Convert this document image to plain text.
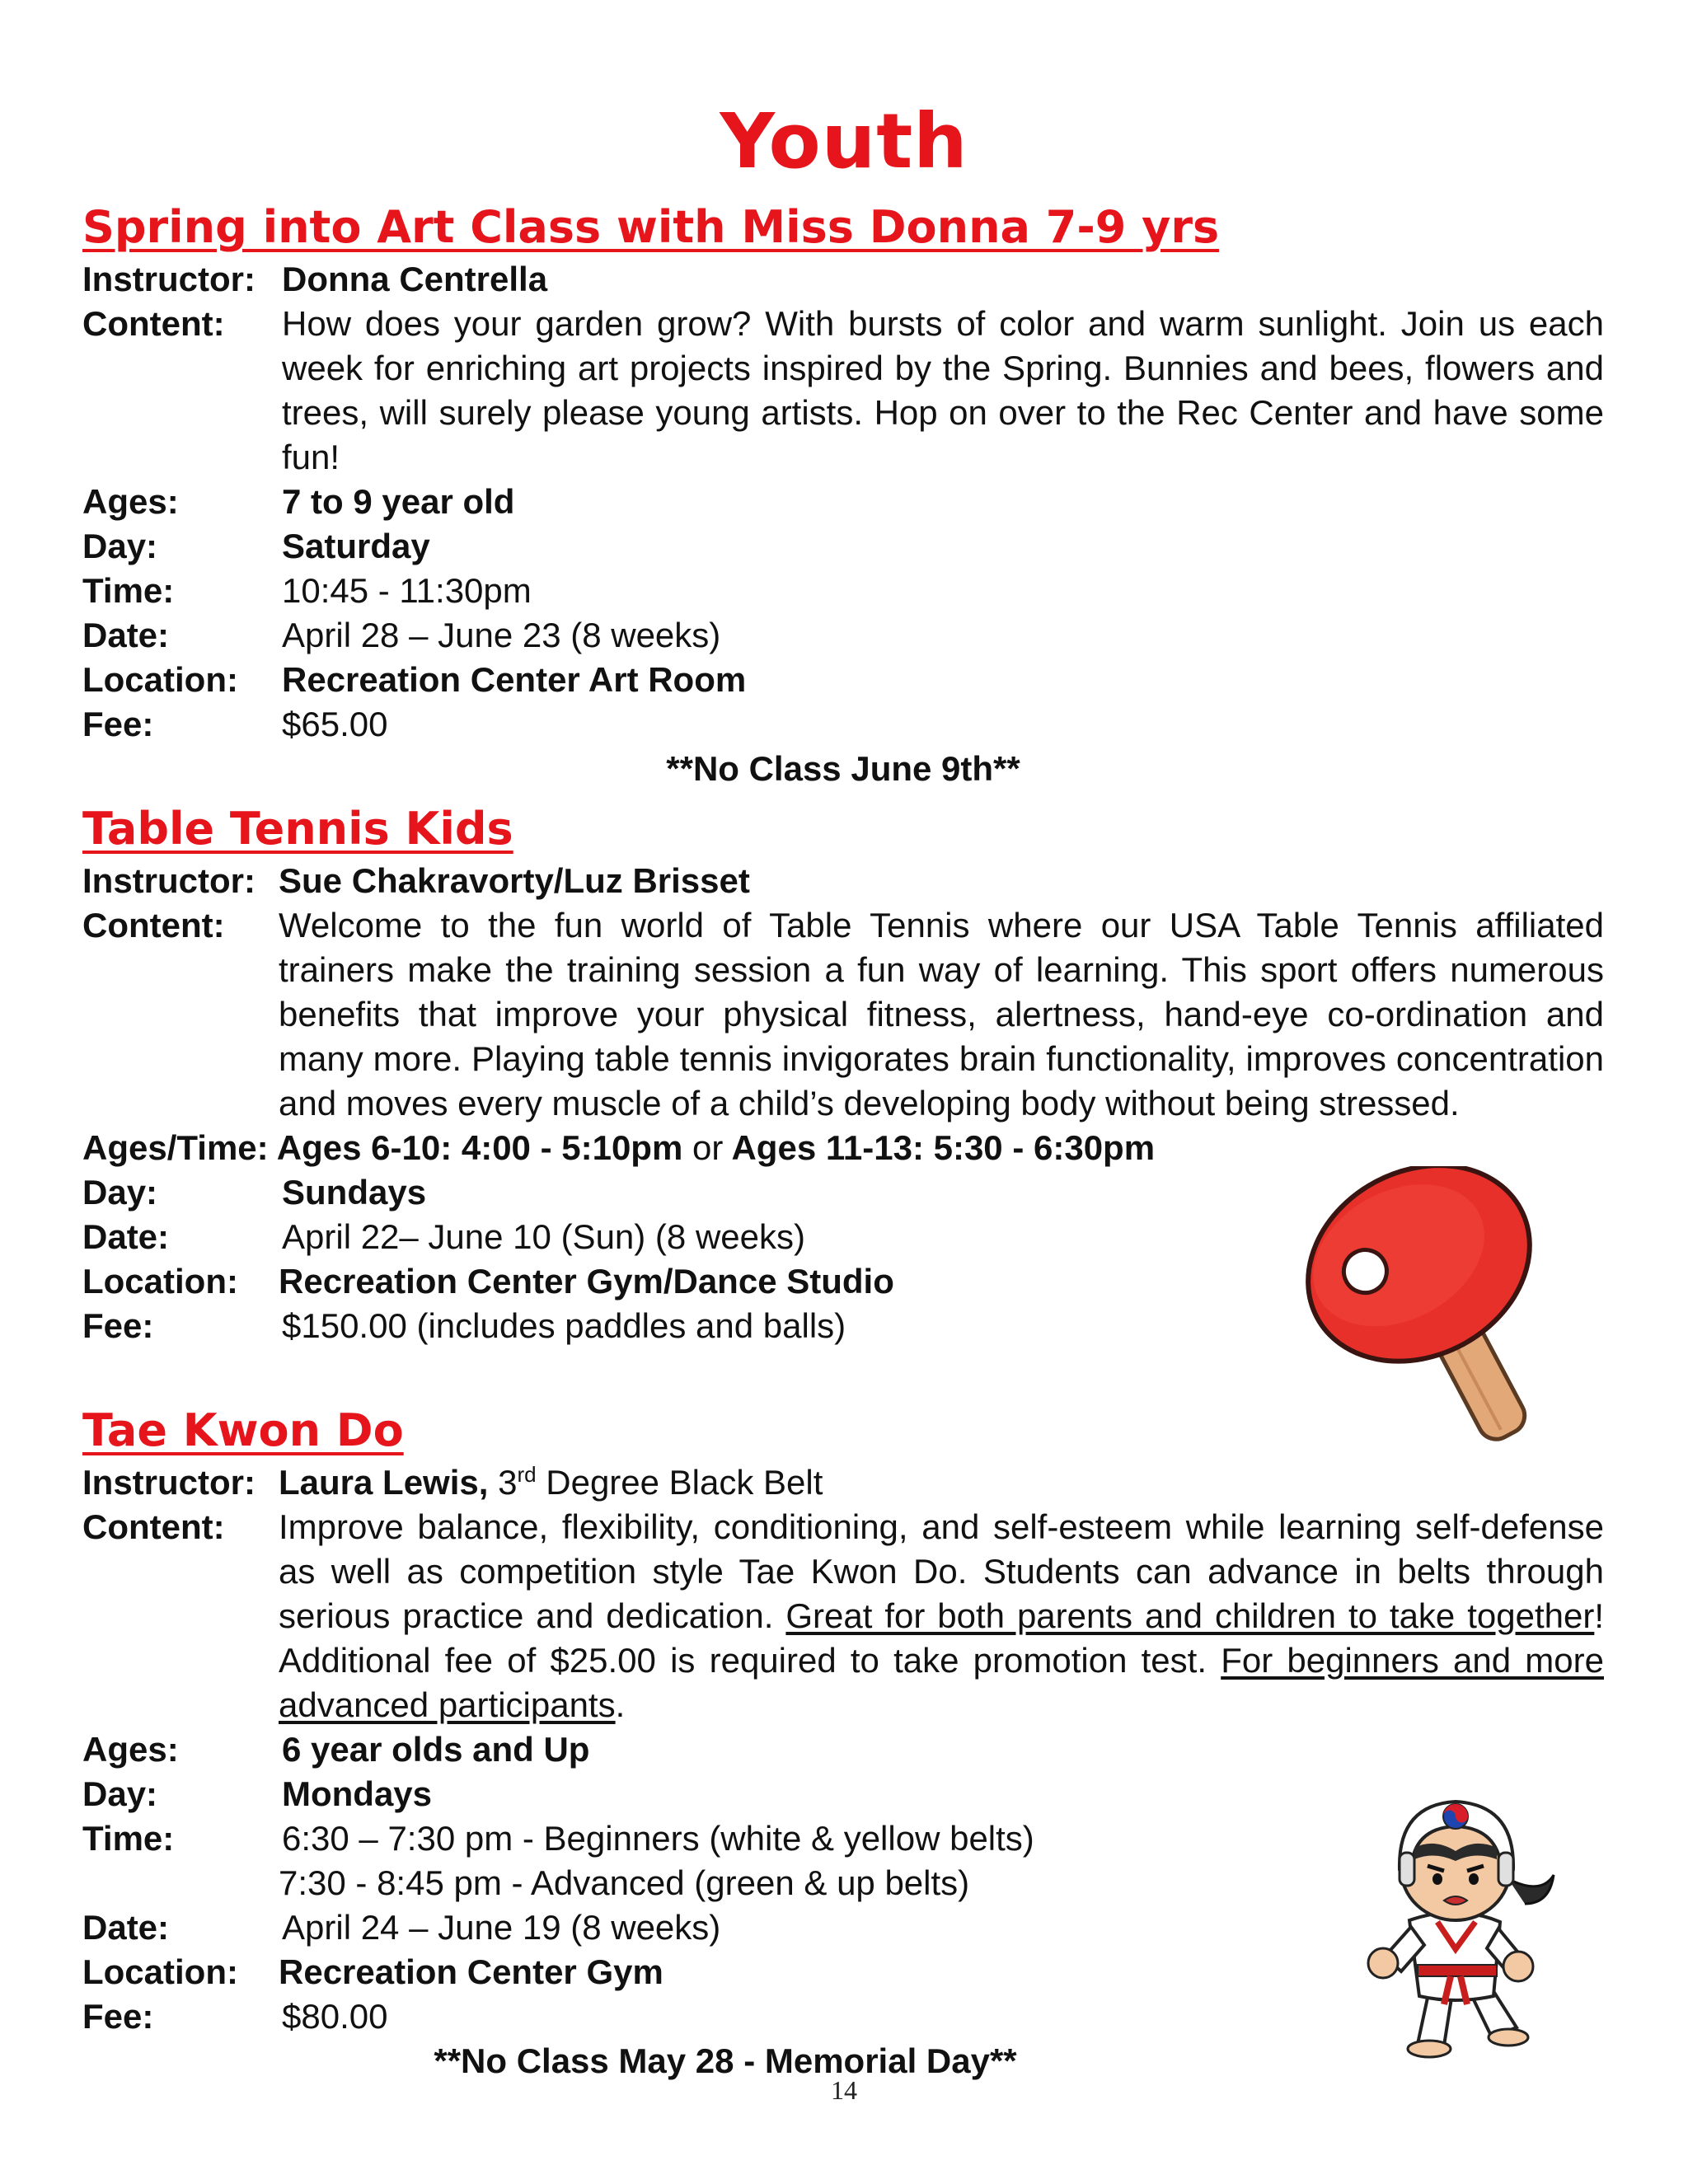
Youth
Spring into Art Class with Miss Donna 7-9 yrs
Instructor: Donna Centrella
Content:	How does your garden grow? With bursts of color and warm sunlight. Join us each week for enriching art projects inspired by the Spring. Bunnies and bees, flowers and trees, will surely please young artists. Hop on over to the Rec Center and have some fun!
Ages:	7 to 9 year old
Day:	Saturday
Time:	10:45 - 11:30pm
Date:	April 28 – June 23 (8 weeks)
Location:	Recreation Center Art Room
Fee:	$65.00
**No Class June 9th**
Table Tennis Kids
Instructor: Sue Chakravorty/Luz Brisset
Content:	Welcome to the fun world of Table Tennis where our USA Table Tennis affiliated trainers make the training session a fun way of learning. This sport offers numerous benefits that improve your physical fitness, alertness, hand-eye co-ordination and many more. Playing table tennis invigorates brain functionality, improves concentration and moves every muscle of a child’s developing body without being stressed.
Ages/Time: Ages 6-10: 4:00 - 5:10pm or Ages 11-13: 5:30 - 6:30pm
Day:	Sundays
Date:	April 22– June 10 (Sun) (8 weeks)
Location:	Recreation Center Gym/Dance Studio
Fee:	$150.00 (includes paddles and balls)
Tae Kwon Do
Instructor: Laura Lewis, 3rd Degree Black Belt
Content:	Improve balance, flexibility, conditioning, and self-esteem while learning self-defense as well as competition style Tae Kwon Do. Students can advance in belts through serious practice and dedication. Great for both parents and children to take together! Additional fee of $25.00 is required to take promotion test. For beginners and more advanced participants.
Ages:	6 year olds and Up
Day:	Mondays
Time:	6:30 – 7:30 pm - Beginners (white & yellow belts)
7:30 - 8:45 pm - Advanced (green & up belts)
Date:	April 24 – June 19 (8 weeks)
Location:	Recreation Center Gym
Fee:	$80.00
**No Class May 28 - Memorial Day**
14
